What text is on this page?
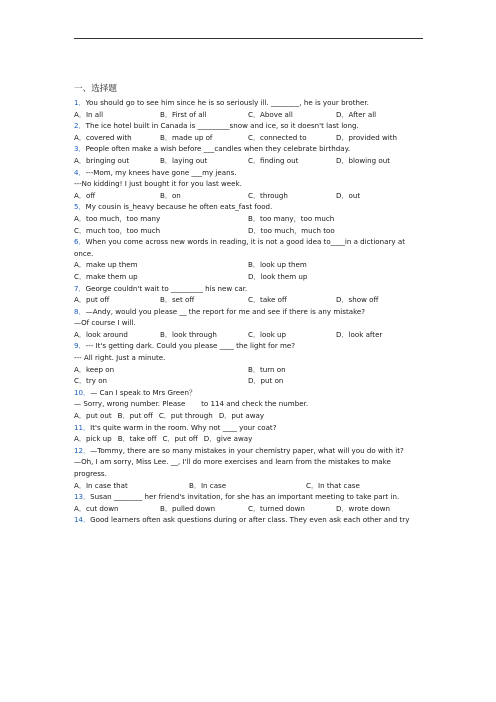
一、选择题
1．You should go to see him since he is so seriously ill. ________, he is your brother.
A．In all	B．First of all	C．Above all	D．After all
2．The ice hotel built in Canada is _________snow and ice, so it doesn't last long.
A．covered with	B．made up of	C．connected to	D．provided with
3．People often make a wish before ___candles when they celebrate birthday.
A．bringing out	B．laying out	C．finding out	D．blowing out
4．---Mom, my knees have gone ___my jeans.
---No kidding! I just bought it for you last week.
A．off	B．on	C．through	D．out
5．My cousin is_heavy because he often eats_fast food.
A．too much，too many	B．too many，too much
C．much too，too much	D．too much，much too
6．When you come across new words in reading, it is not a good idea to____in a dictionary at once.
A．make up them	B．look up them
C．make them up	D．look them up
7．George couldn't wait to _________ his new car.
A．put off	B．set off	C．take off	D．show off
8．—Andy, would you please __ the report for me and see if there is any mistake?
—Of course I will.
A．look around	B．look through	C．look up	D．look after
9．--- It's getting dark. Could you please ____ the light for me?
--- All right. Just a minute.
A．keep on	B．turn on
C．try on	D．put on
10．— Can I speak to Mrs Green？
— Sorry, wrong number. Please       to 114 and check the number.
A．put out B．put off C．put through D．put away
11．It's quite warm in the room. Why not ____ your coat?
A．pick up B．take off C．put off D．give away
12．—Tommy, there are so many mistakes in your chemistry paper, what will you do with it?
—Oh, I am sorry, Miss Lee. __, I'll do more exercises and learn from the mistakes to make progress.
A．In case that	B．In case	C．In that case
13．Susan ________ her friend's invitation, for she has an important meeting to take part in.
A．cut down	B．pulled down	C．turned down	D．wrote down
14．Good learners often ask questions during or after class. They even ask each other and try
